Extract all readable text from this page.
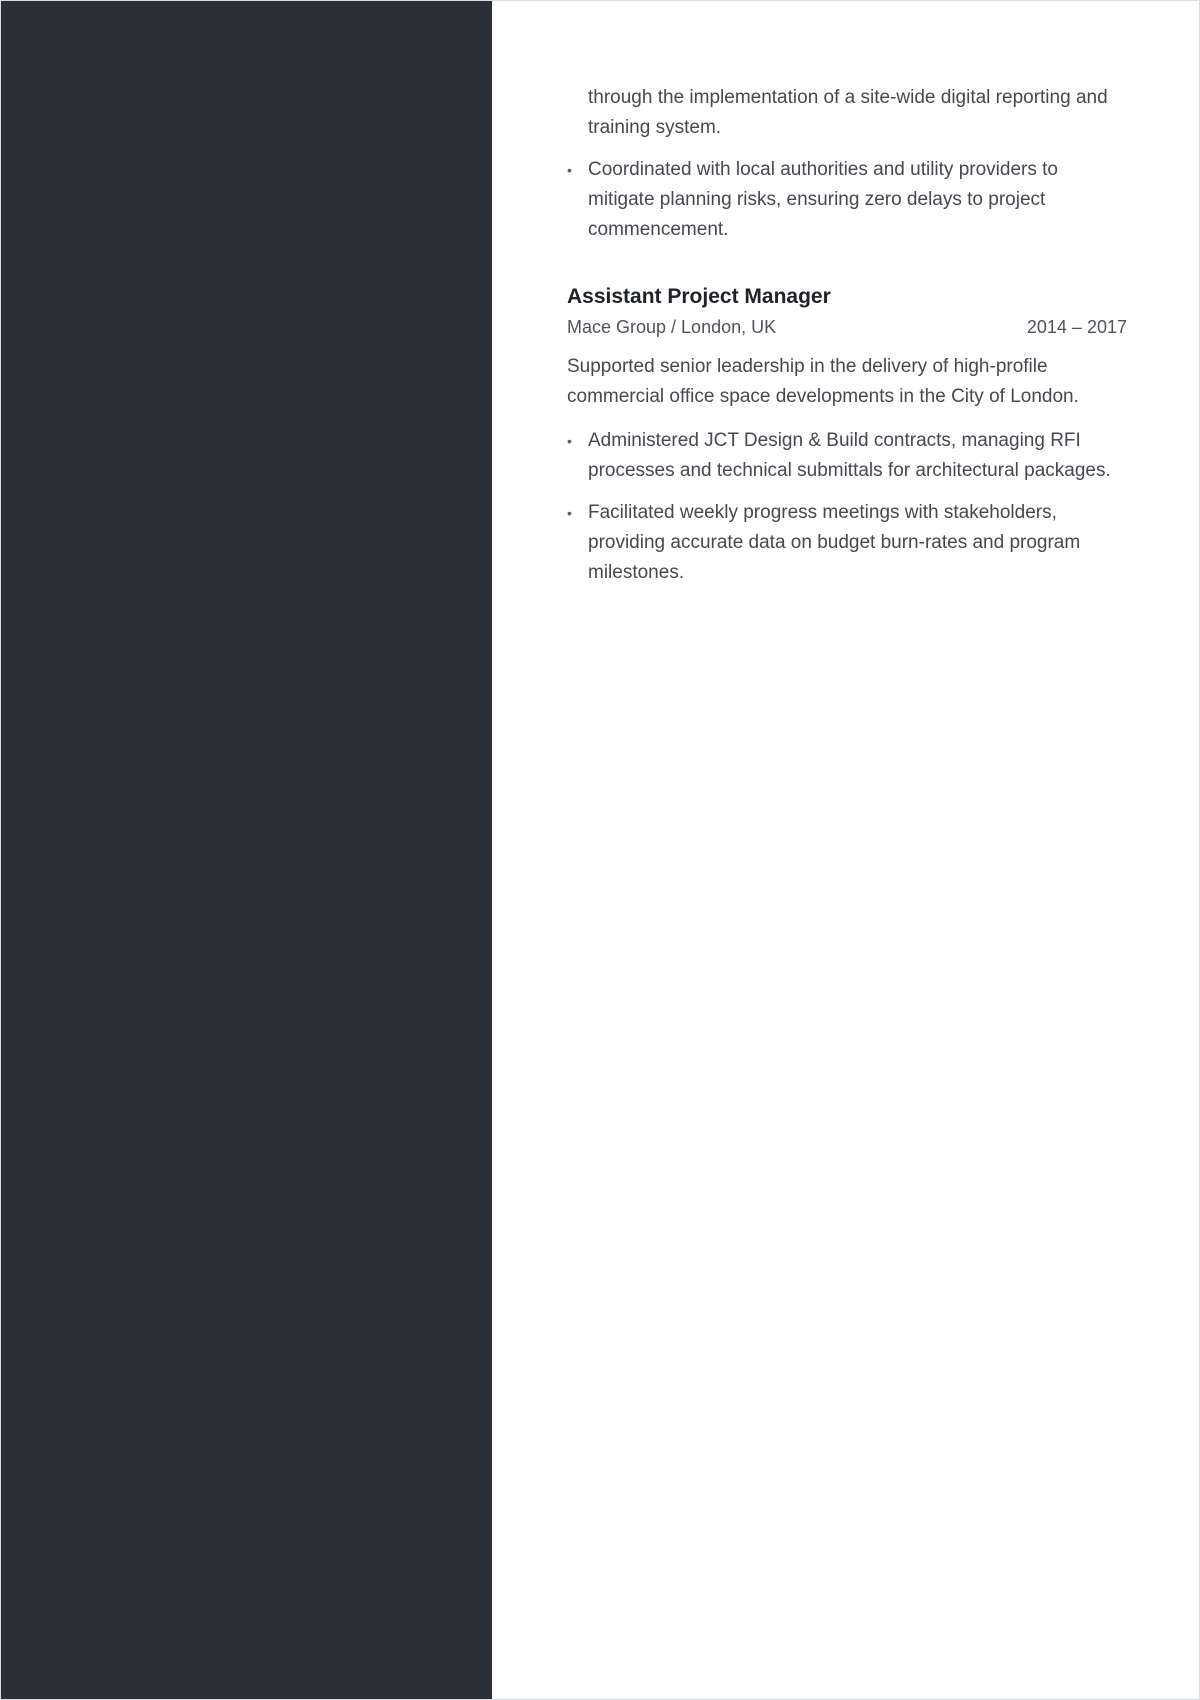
through the implementation of a site-wide digital reporting and training system.
• Coordinated with local authorities and utility providers to mitigate planning risks, ensuring zero delays to project commencement.
Assistant Project Manager
Mace Group / London, UK	2014 – 2017

Supported senior leadership in the delivery of high-profile commercial office space developments in the City of London.

• Administered JCT Design & Build contracts, managing RFI processes and technical submittals for architectural packages.
• Facilitated weekly progress meetings with stakeholders, providing accurate data on budget burn-rates and program milestones.
